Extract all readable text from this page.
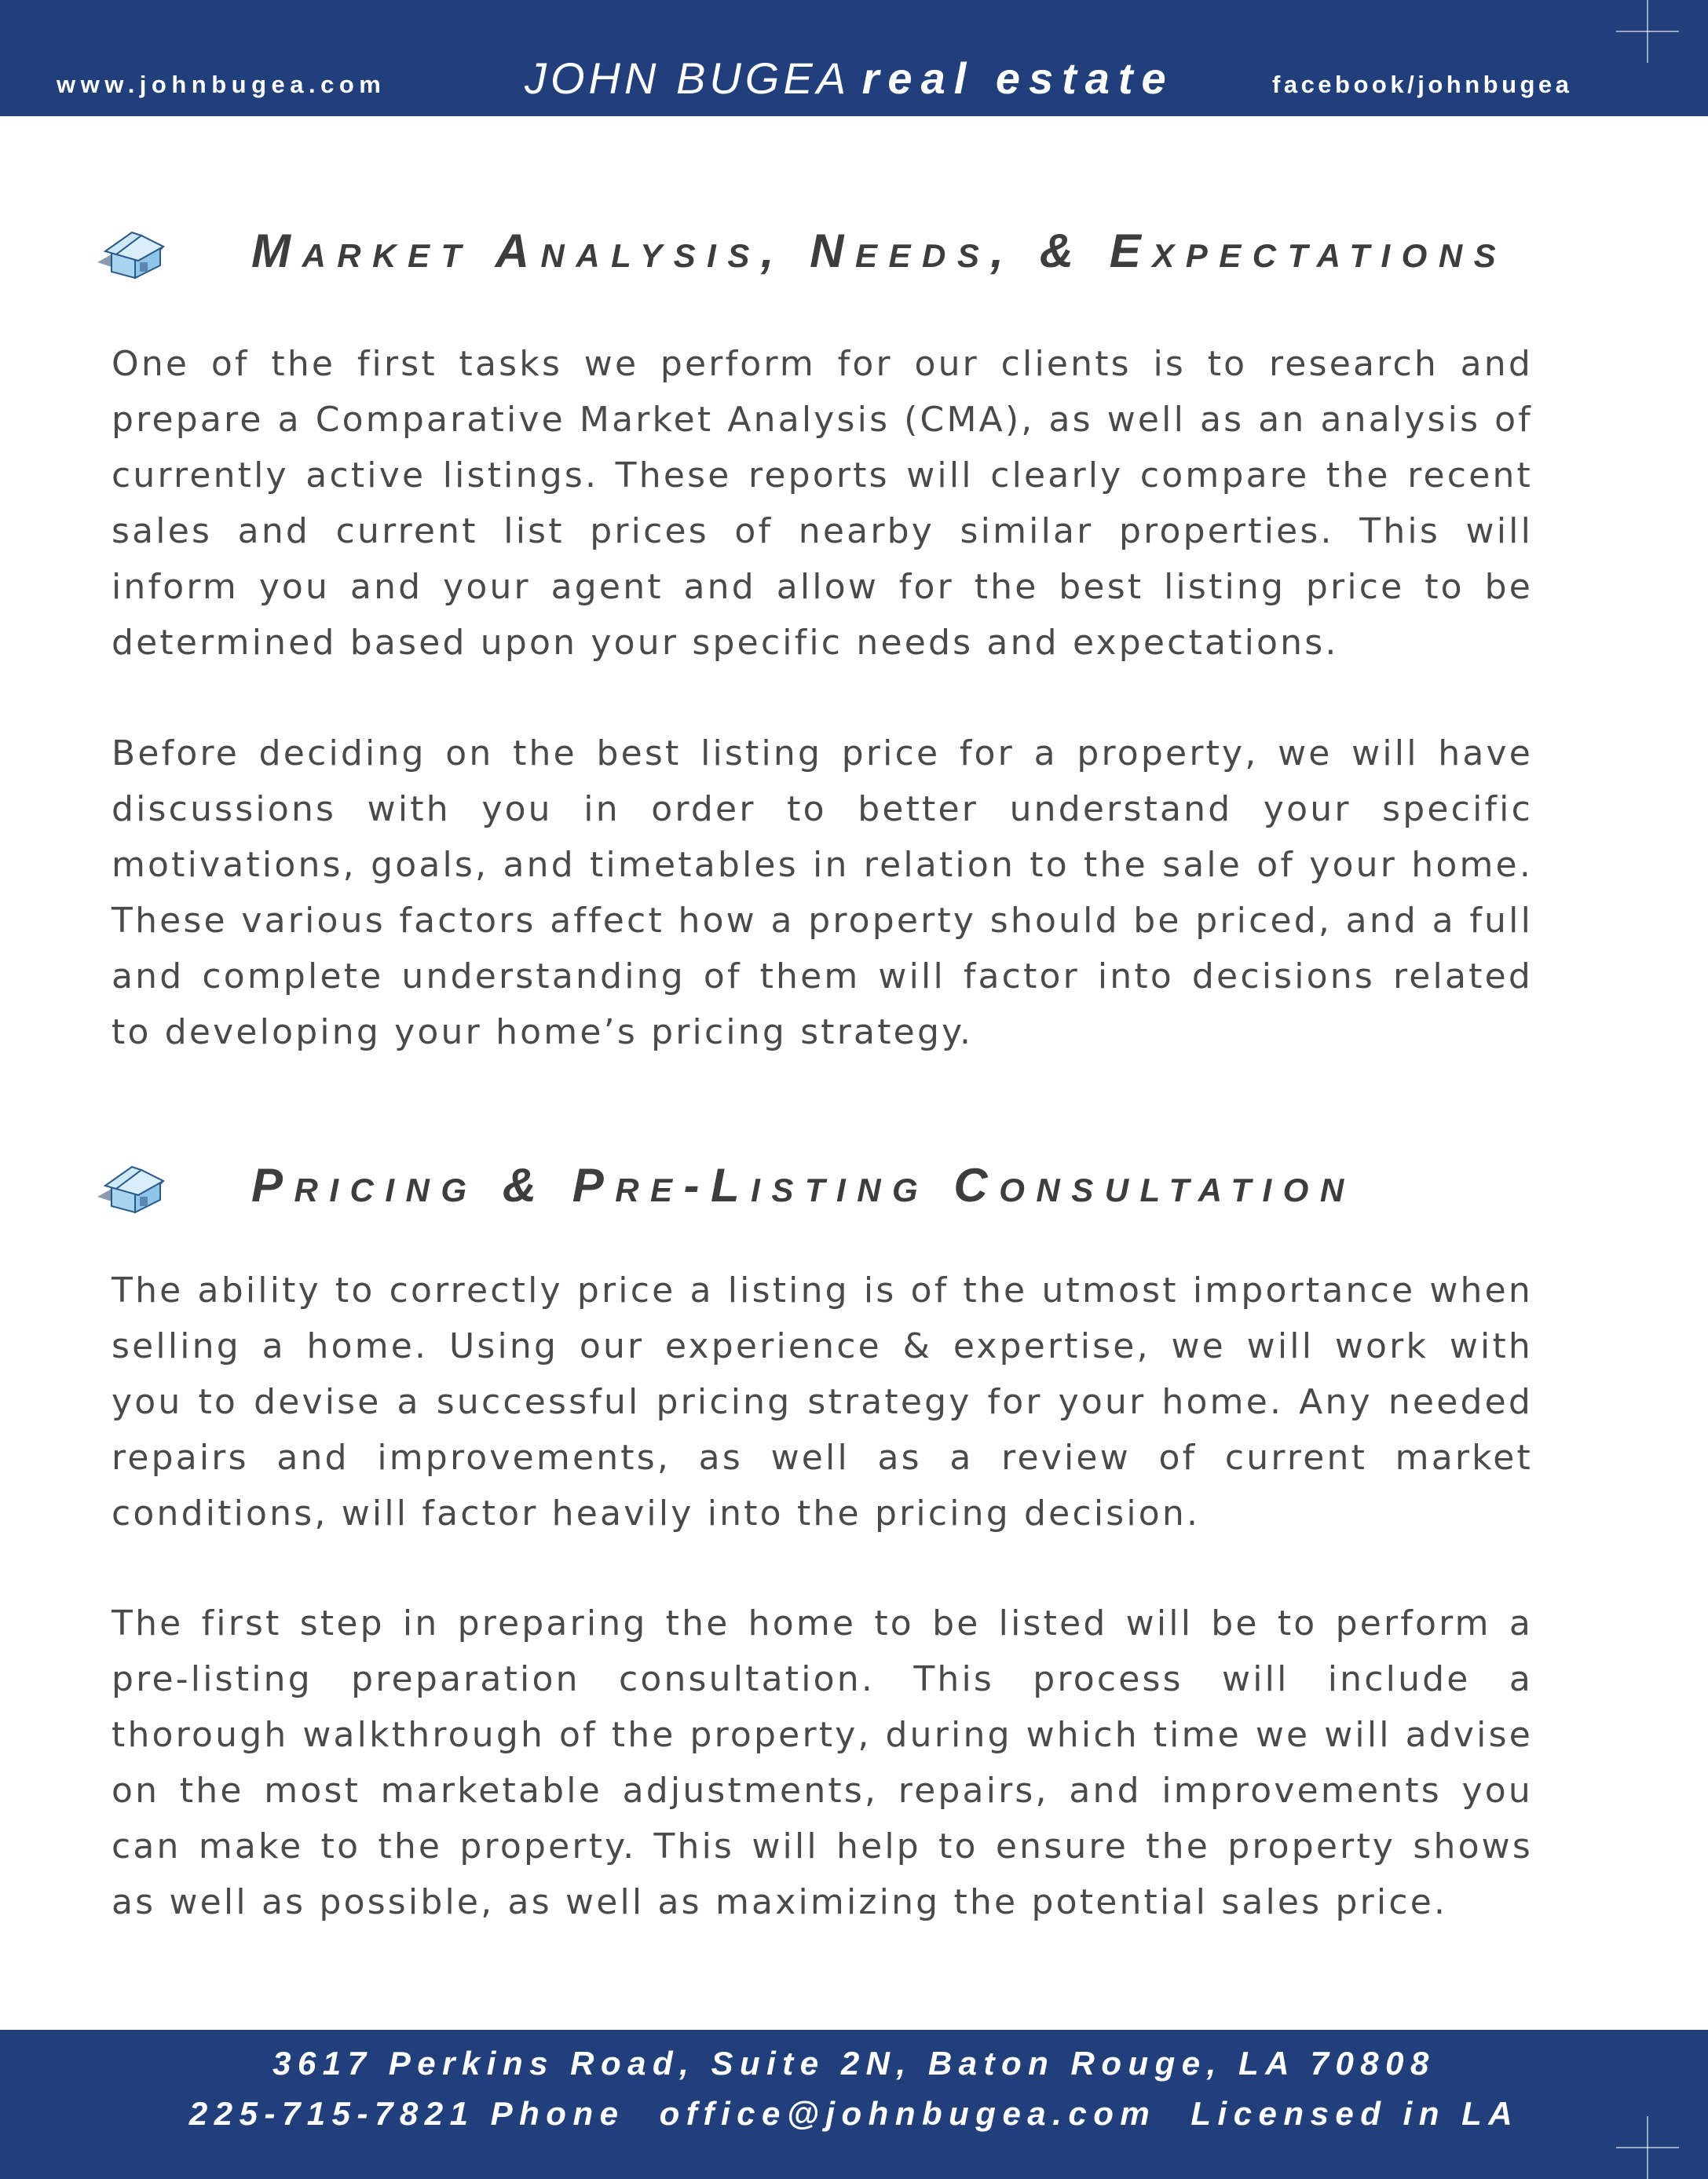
www.johnbugea.com	JOHN BUGEA real estate	facebook/johnbugea
Market Analysis, Needs, & Expectations

One of the first tasks we perform for our clients is to research and prepare a Comparative Market Analysis (CMA), as well as an analysis of currently active listings. These reports will clearly compare the recent sales and current list prices of nearby similar properties. This will inform you and your agent and allow for the best listing price to be determined based upon your specific needs and expectations.

Before deciding on the best listing price for a property, we will have discussions with you in order to better understand your specific motivations, goals, and timetables in relation to the sale of your home. These various factors affect how a property should be priced, and a full and complete understanding of them will factor into decisions related to developing your home’s pricing strategy.

Pricing & Pre-Listing Consultation

The ability to correctly price a listing is of the utmost importance when selling a home. Using our experience & expertise, we will work with you to devise a successful pricing strategy for your home. Any needed repairs and improvements, as well as a review of current market conditions, will factor heavily into the pricing decision.

The first step in preparing the home to be listed will be to perform a pre-listing preparation consultation. This process will include a thorough walkthrough of the property, during which time we will advise on the most marketable adjustments, repairs, and improvements you can make to the property. This will help to ensure the property shows as well as possible, as well as maximizing the potential sales price.

3617 Perkins Road, Suite 2N, Baton Rouge, LA 70808
225-715-7821 Phone office@johnbugea.com Licensed in LA
